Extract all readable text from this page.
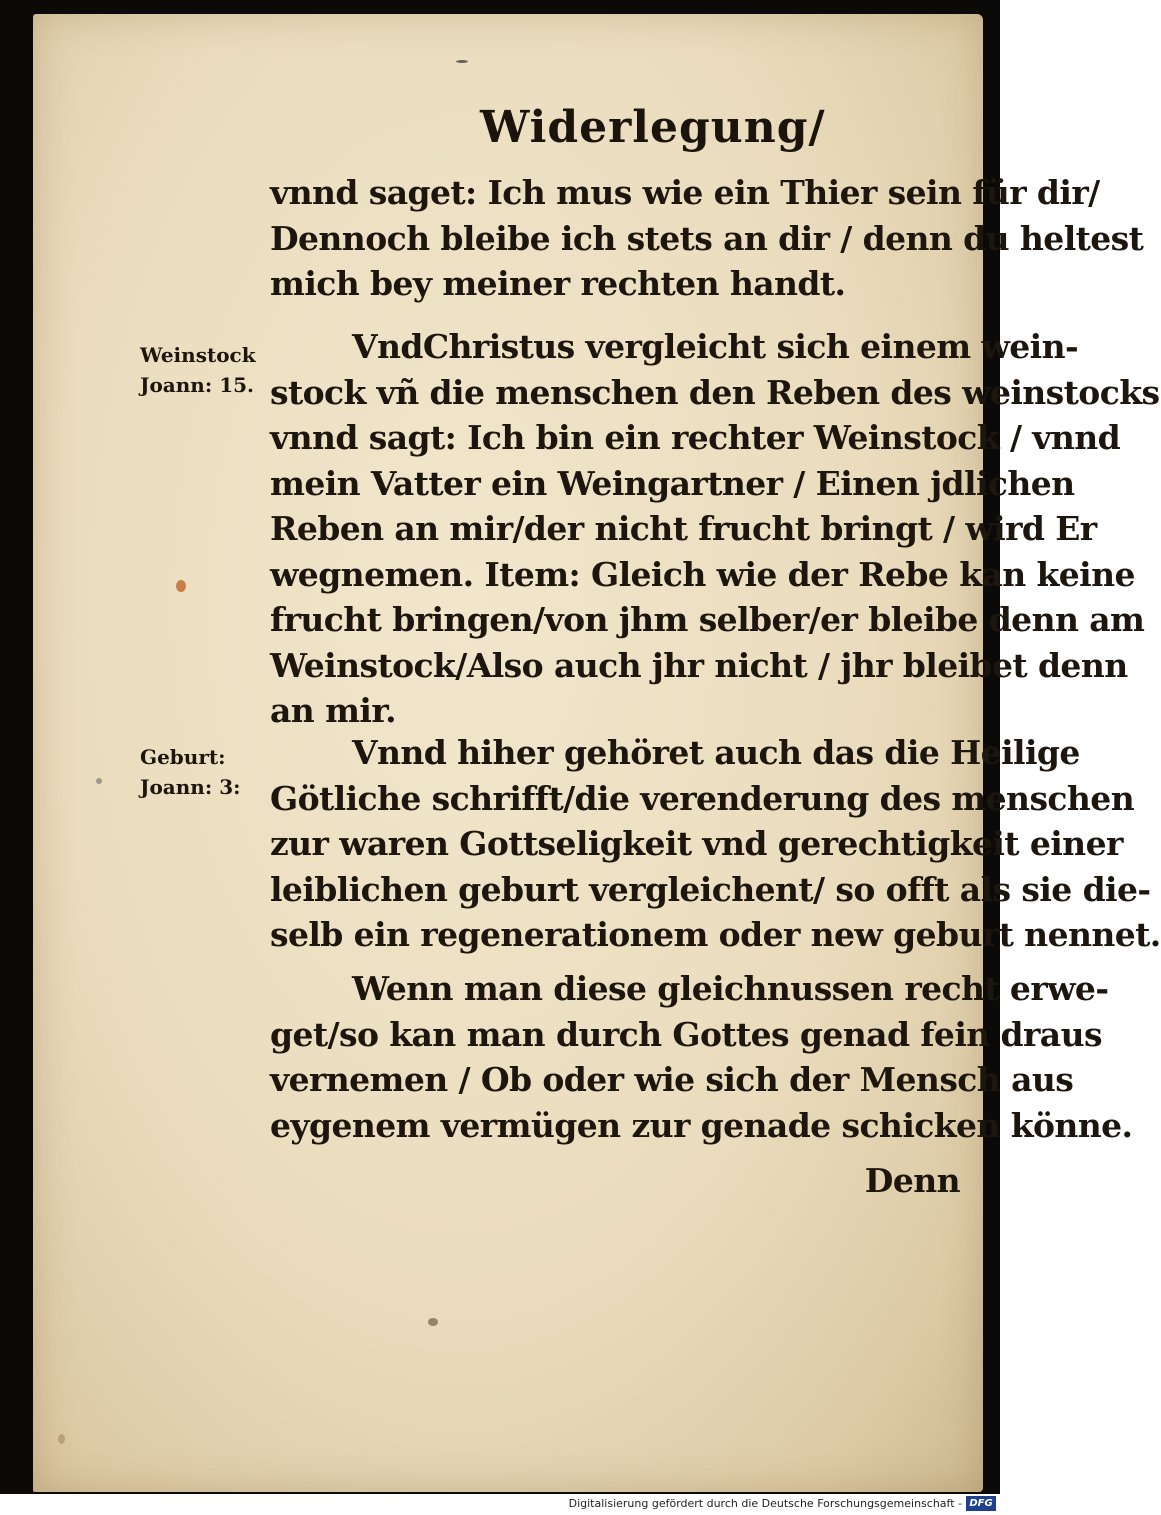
Widerlegung/
vnnd saget: Ich mus wie ein Thier sein für dir/
Dennoch bleibe ich stets an dir / denn du heltest
mich bey meiner rechten handt.
VndChristus vergleicht sich einem wein-
stock vñ die menschen den Reben des weinstocks
vnnd sagt: Ich bin ein rechter Weinstock / vnnd
mein Vatter ein Weingartner / Einen jdlichen
Reben an mir/der nicht frucht bringt / wird Er
wegnemen. Item: Gleich wie der Rebe kan keine
frucht bringen/von jhm selber/er bleibe denn am
Weinstock/Also auch jhr nicht / jhr bleibet denn
an mir.
Vnnd hiher gehöret auch das die Heilige
Götliche schrifft/die verenderung des menschen
zur waren Gottseligkeit vnd gerechtigkeit einer
leiblichen geburt vergleichent/ so offt als sie die-
selb ein regenerationem oder new geburt nennet.
Wenn man diese gleichnussen recht erwe-
get/so kan man durch Gottes genad fein draus
vernemen / Ob oder wie sich der Mensch aus
eygenem vermügen zur genade schicken könne.
Denn
Weinstock
Joann: 15.
Geburt:
Joann: 3:
Digitalisierung gefördert durch die Deutsche Forschungsgemeinschaft - DFG
